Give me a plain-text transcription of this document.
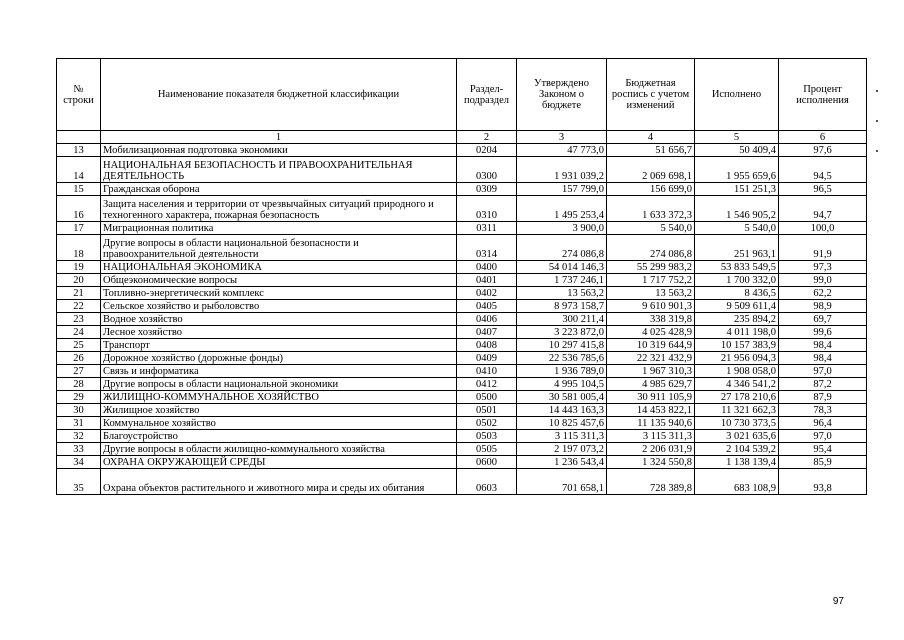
№ строки	Наименование показателя бюджетной классификации	Раздел-подраздел	Утверждено Законом о бюджете	Бюджетная роспись с учетом изменений	Исполнено	Процент исполнения
	1	2	3	4	5	6
13	Мобилизационная подготовка экономики	0204	47 773,0	51 656,7	50 409,4	97,6
14	НАЦИОНАЛЬНАЯ БЕЗОПАСНОСТЬ И ПРАВООХРАНИТЕЛЬНАЯ ДЕЯТЕЛЬНОСТЬ	0300	1 931 039,2	2 069 698,1	1 955 659,6	94,5
15	Гражданская оборона	0309	157 799,0	156 699,0	151 251,3	96,5
16	Защита населения и территории от чрезвычайных ситуаций природного и техногенного характера, пожарная безопасность	0310	1 495 253,4	1 633 372,3	1 546 905,2	94,7
17	Миграционная политика	0311	3 900,0	5 540,0	5 540,0	100,0
18	Другие вопросы в области национальной безопасности и правоохранительной деятельности	0314	274 086,8	274 086,8	251 963,1	91,9
19	НАЦИОНАЛЬНАЯ ЭКОНОМИКА	0400	54 014 146,3	55 299 983,2	53 833 549,5	97,3
20	Общеэкономические вопросы	0401	1 737 246,1	1 717 752,2	1 700 332,0	99,0
21	Топливно-энергетический комплекс	0402	13 563,2	13 563,2	8 436,5	62,2
22	Сельское хозяйство и рыболовство	0405	8 973 158,7	9 610 901,3	9 509 611,4	98,9
23	Водное хозяйство	0406	300 211,4	338 319,8	235 894,2	69,7
24	Лесное хозяйство	0407	3 223 872,0	4 025 428,9	4 011 198,0	99,6
25	Транспорт	0408	10 297 415,8	10 319 644,9	10 157 383,9	98,4
26	Дорожное хозяйство (дорожные фонды)	0409	22 536 785,6	22 321 432,9	21 956 094,3	98,4
27	Связь и информатика	0410	1 936 789,0	1 967 310,3	1 908 058,0	97,0
28	Другие вопросы в области национальной экономики	0412	4 995 104,5	4 985 629,7	4 346 541,2	87,2
29	ЖИЛИЩНО-КОММУНАЛЬНОЕ ХОЗЯЙСТВО	0500	30 581 005,4	30 911 105,9	27 178 210,6	87,9
30	Жилищное хозяйство	0501	14 443 163,3	14 453 822,1	11 321 662,3	78,3
31	Коммунальное хозяйство	0502	10 825 457,6	11 135 940,6	10 730 373,5	96,4
32	Благоустройство	0503	3 115 311,3	3 115 311,3	3 021 635,6	97,0
33	Другие вопросы в области жилищно-коммунального хозяйства	0505	2 197 073,2	2 206 031,9	2 104 539,2	95,4
34	ОХРАНА ОКРУЖАЮЩЕЙ СРЕДЫ	0600	1 236 543,4	1 324 550,8	1 138 139,4	85,9
35	Охрана объектов растительного и животного мира и среды их обитания	0603	701 658,1	728 389,8	683 108,9	93,8
97
